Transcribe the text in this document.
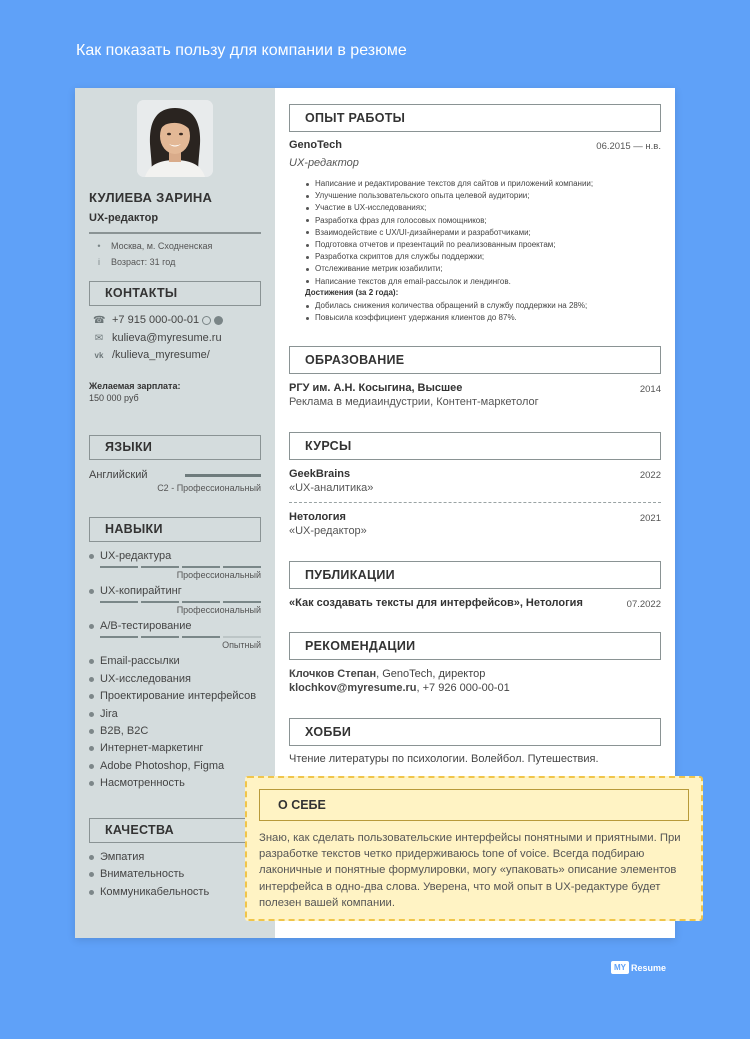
Как показать пользу для компании в резюме
КУЛИЕВА ЗАРИНА
UX-редактор
•	Москва, м. Сходненская
i	Возраст: 31 год
КОНТАКТЫ
☎ +7 915 000-00-01
✉ kulieva@myresume.ru
vk /kulieva_myresume/
Желаемая зарплата:
150 000 руб
ЯЗЫКИ
Английский
C2 - Профессиональный
НАВЫКИ
UX-редактура
Профессиональный
UX-копирайтинг
Профессиональный
A/B-тестирование
Опытный
Email-рассылки
UX-исследования
Проектирование интерфейсов
Jira
B2B, B2C
Интернет-маркетинг
Adobe Photoshop, Figma
Насмотренность
КАЧЕСТВА
Эмпатия
Внимательность
Коммуникабельность
ОПЫТ РАБОТЫ
GenoTech	06.2015 — н.в.
UX-редактор
Написание и редактирование текстов для сайтов и приложений компании;
Улучшение пользовательского опыта целевой аудитории;
Участие в UX-исследованиях;
Разработка фраз для голосовых помощников;
Взаимодействие с UX/UI-дизайнерами и разработчиками;
Подготовка отчетов и презентаций по реализованным проектам;
Разработка скриптов для службы поддержки;
Отслеживание метрик юзабилити;
Написание текстов для email-рассылок и лендингов.
Достижения (за 2 года):
Добилась снижения количества обращений в службу поддержки на 28%;
Повысила коэффициент удержания клиентов до 87%.
ОБРАЗОВАНИЕ
РГУ им. А.Н. Косыгина, Высшее	2014
Реклама в медиаиндустрии, Контент-маркетолог
КУРСЫ
GeekBrains	2022
«UX-аналитика»
Нетология	2021
«UX-редактор»
ПУБЛИКАЦИИ
«Как создавать тексты для интерфейсов», Нетология	07.2022
РЕКОМЕНДАЦИИ
Клочков Степан, GenoTech, директор
klochkov@myresume.ru, +7 926 000-00-01
ХОББИ
Чтение литературы по психологии. Волейбол. Путешествия.
О СЕБЕ
Знаю, как сделать пользовательские интерфейсы понятными и приятными. При разработке текстов четко придерживаюсь tone of voice. Всегда подбираю лаконичные и понятные формулировки, могу «упаковать» описание элементов интерфейса в одно-два слова. Уверена, что мой опыт в UX-редактуре будет полезен вашей компании.
MY Resume
